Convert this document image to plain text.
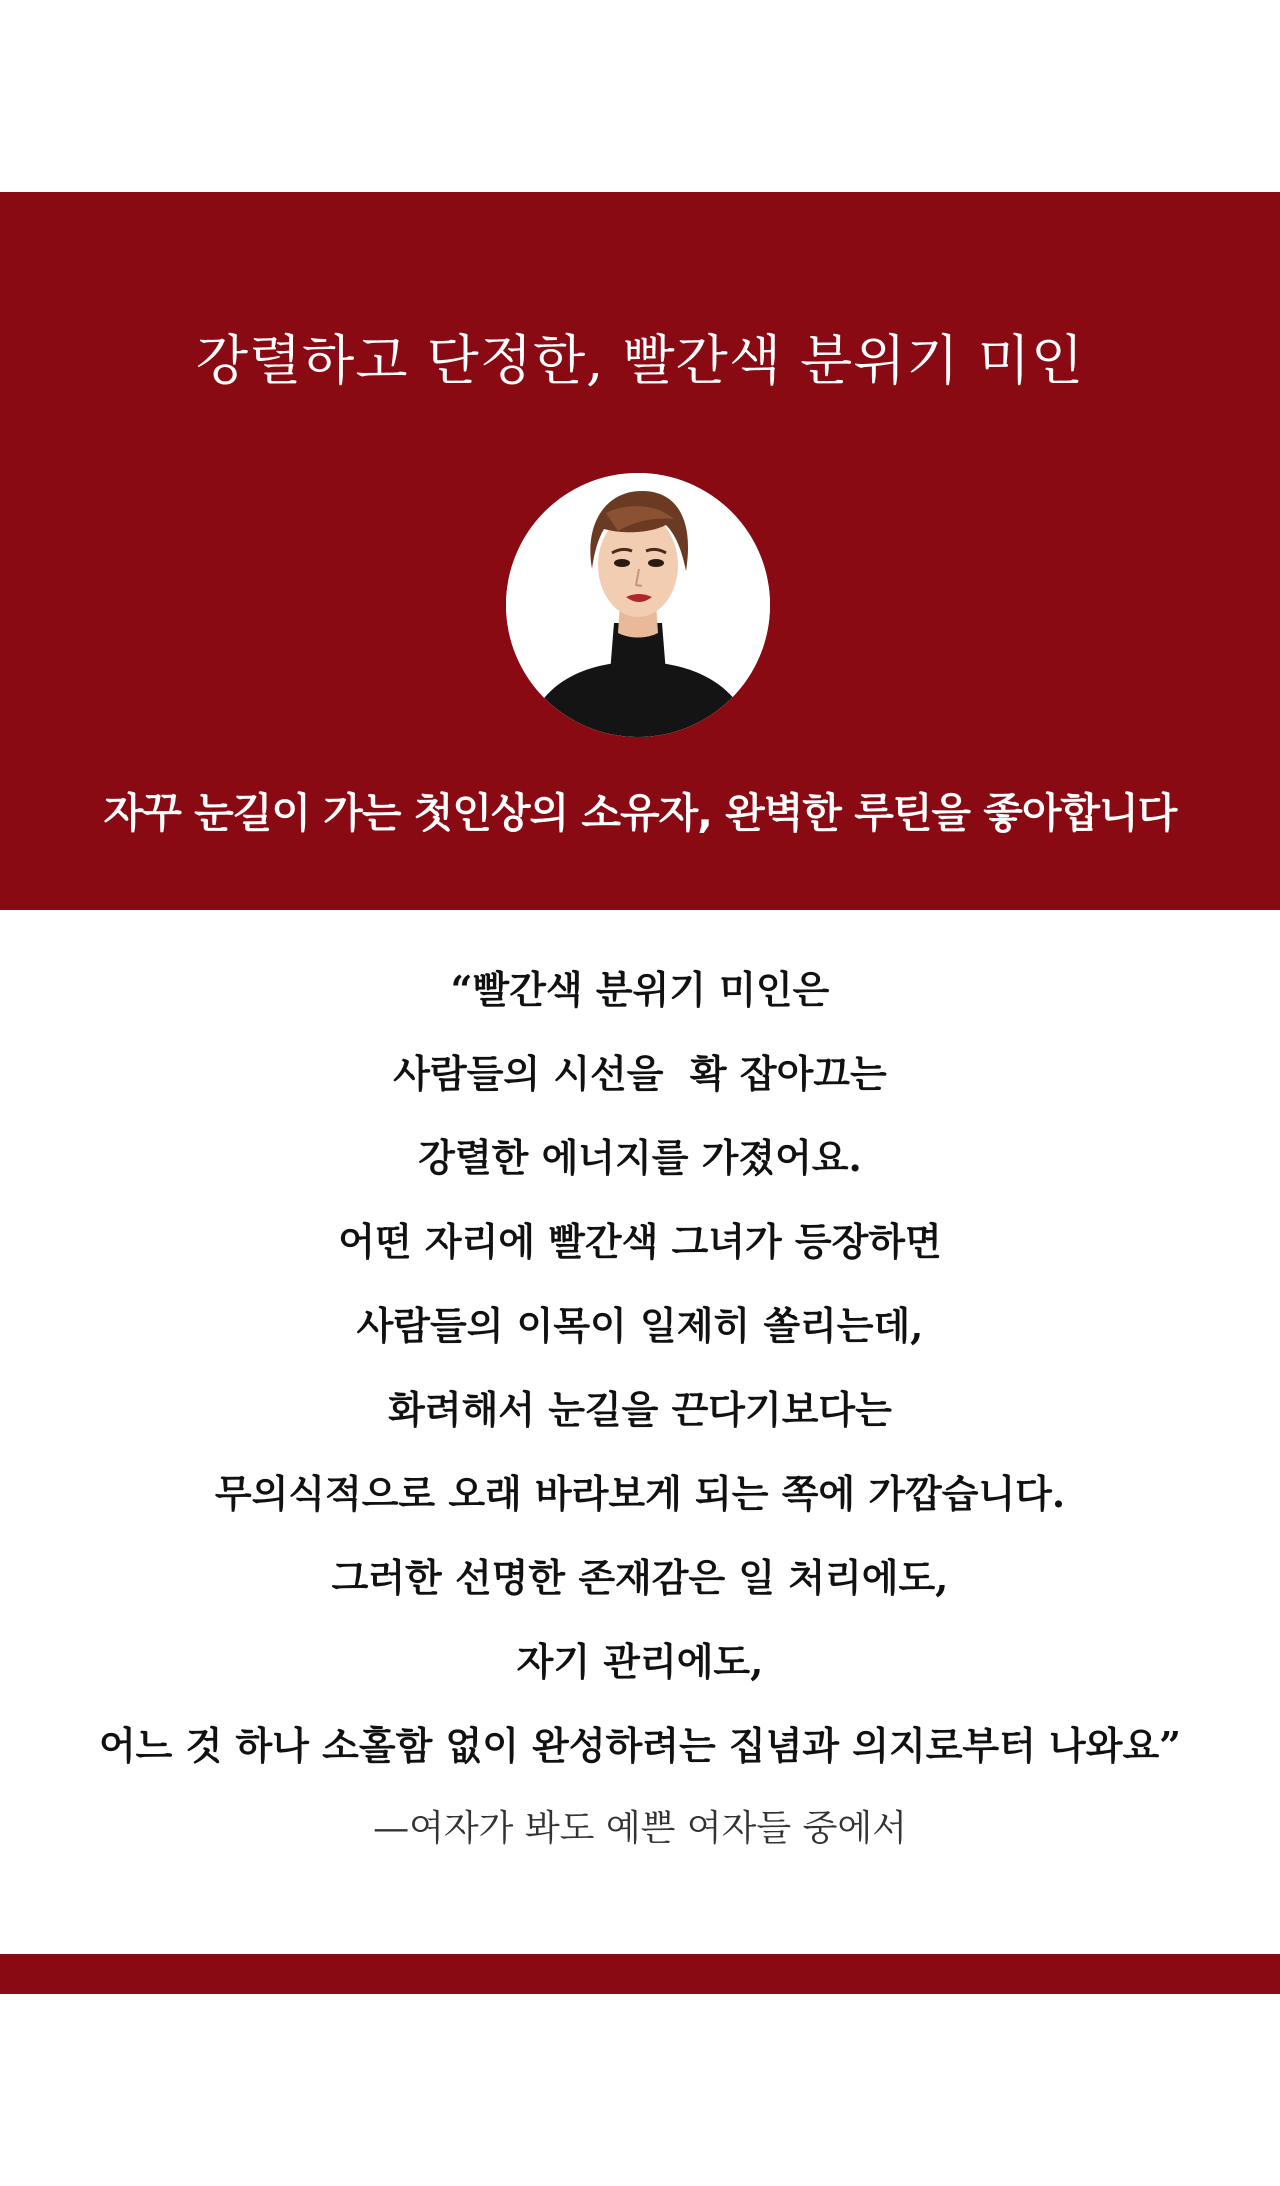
강렬하고 단정한, 빨간색 분위기 미인

자꾸 눈길이 가는 첫인상의 소유자, 완벽한 루틴을 좋아합니다

“빨간색 분위기 미인은
사람들의 시선을  확 잡아끄는
강렬한 에너지를 가졌어요.
어떤 자리에 빨간색 그녀가 등장하면
사람들의 이목이 일제히 쏠리는데,
화려해서 눈길을 끈다기보다는
무의식적으로 오래 바라보게 되는 쪽에 가깝습니다.
그러한 선명한 존재감은 일 처리에도,
자기 관리에도,
어느 것 하나 소홀함 없이 완성하려는 집념과 의지로부터 나와요”

—여자가 봐도 예쁜 여자들 중에서
